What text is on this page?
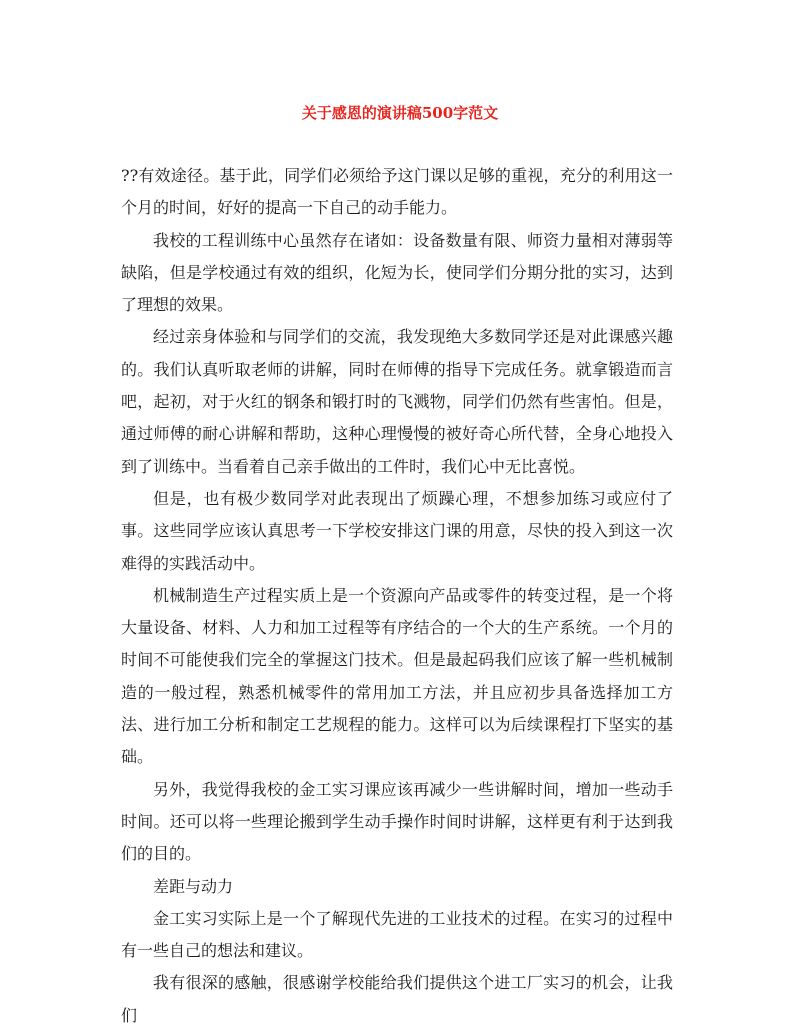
关于感恩的演讲稿500字范文

??有效途径。基于此，同学们必须给予这门课以足够的重视，充分的利用这一个月的时间，好好的提高一下自己的动手能力。

我校的工程训练中心虽然存在诸如：设备数量有限、师资力量相对薄弱等缺陷，但是学校通过有效的组织，化短为长，使同学们分期分批的实习，达到了理想的效果。

经过亲身体验和与同学们的交流，我发现绝大多数同学还是对此课感兴趣的。我们认真听取老师的讲解，同时在师傅的指导下完成任务。就拿锻造而言吧，起初，对于火红的钢条和锻打时的飞溅物，同学们仍然有些害怕。但是，通过师傅的耐心讲解和帮助，这种心理慢慢的被好奇心所代替，全身心地投入到了训练中。当看着自己亲手做出的工件时，我们心中无比喜悦。

但是，也有极少数同学对此表现出了烦躁心理，不想参加练习或应付了事。这些同学应该认真思考一下学校安排这门课的用意，尽快的投入到这一次难得的实践活动中。

机械制造生产过程实质上是一个资源向产品或零件的转变过程，是一个将大量设备、材料、人力和加工过程等有序结合的一个大的生产系统。一个月的时间不可能使我们完全的掌握这门技术。但是最起码我们应该了解一些机械制造的一般过程，熟悉机械零件的常用加工方法，并且应初步具备选择加工方法、进行加工分析和制定工艺规程的能力。这样可以为后续课程打下坚实的基础。

另外，我觉得我校的金工实习课应该再减少一些讲解时间，增加一些动手时间。还可以将一些理论搬到学生动手操作时间时讲解，这样更有利于达到我们的目的。

差距与动力

金工实习实际上是一个了解现代先进的工业技术的过程。在实习的过程中有一些自己的想法和建议。

我有很深的感触，很感谢学校能给我们提供这个进工厂实习的机会，让我们
